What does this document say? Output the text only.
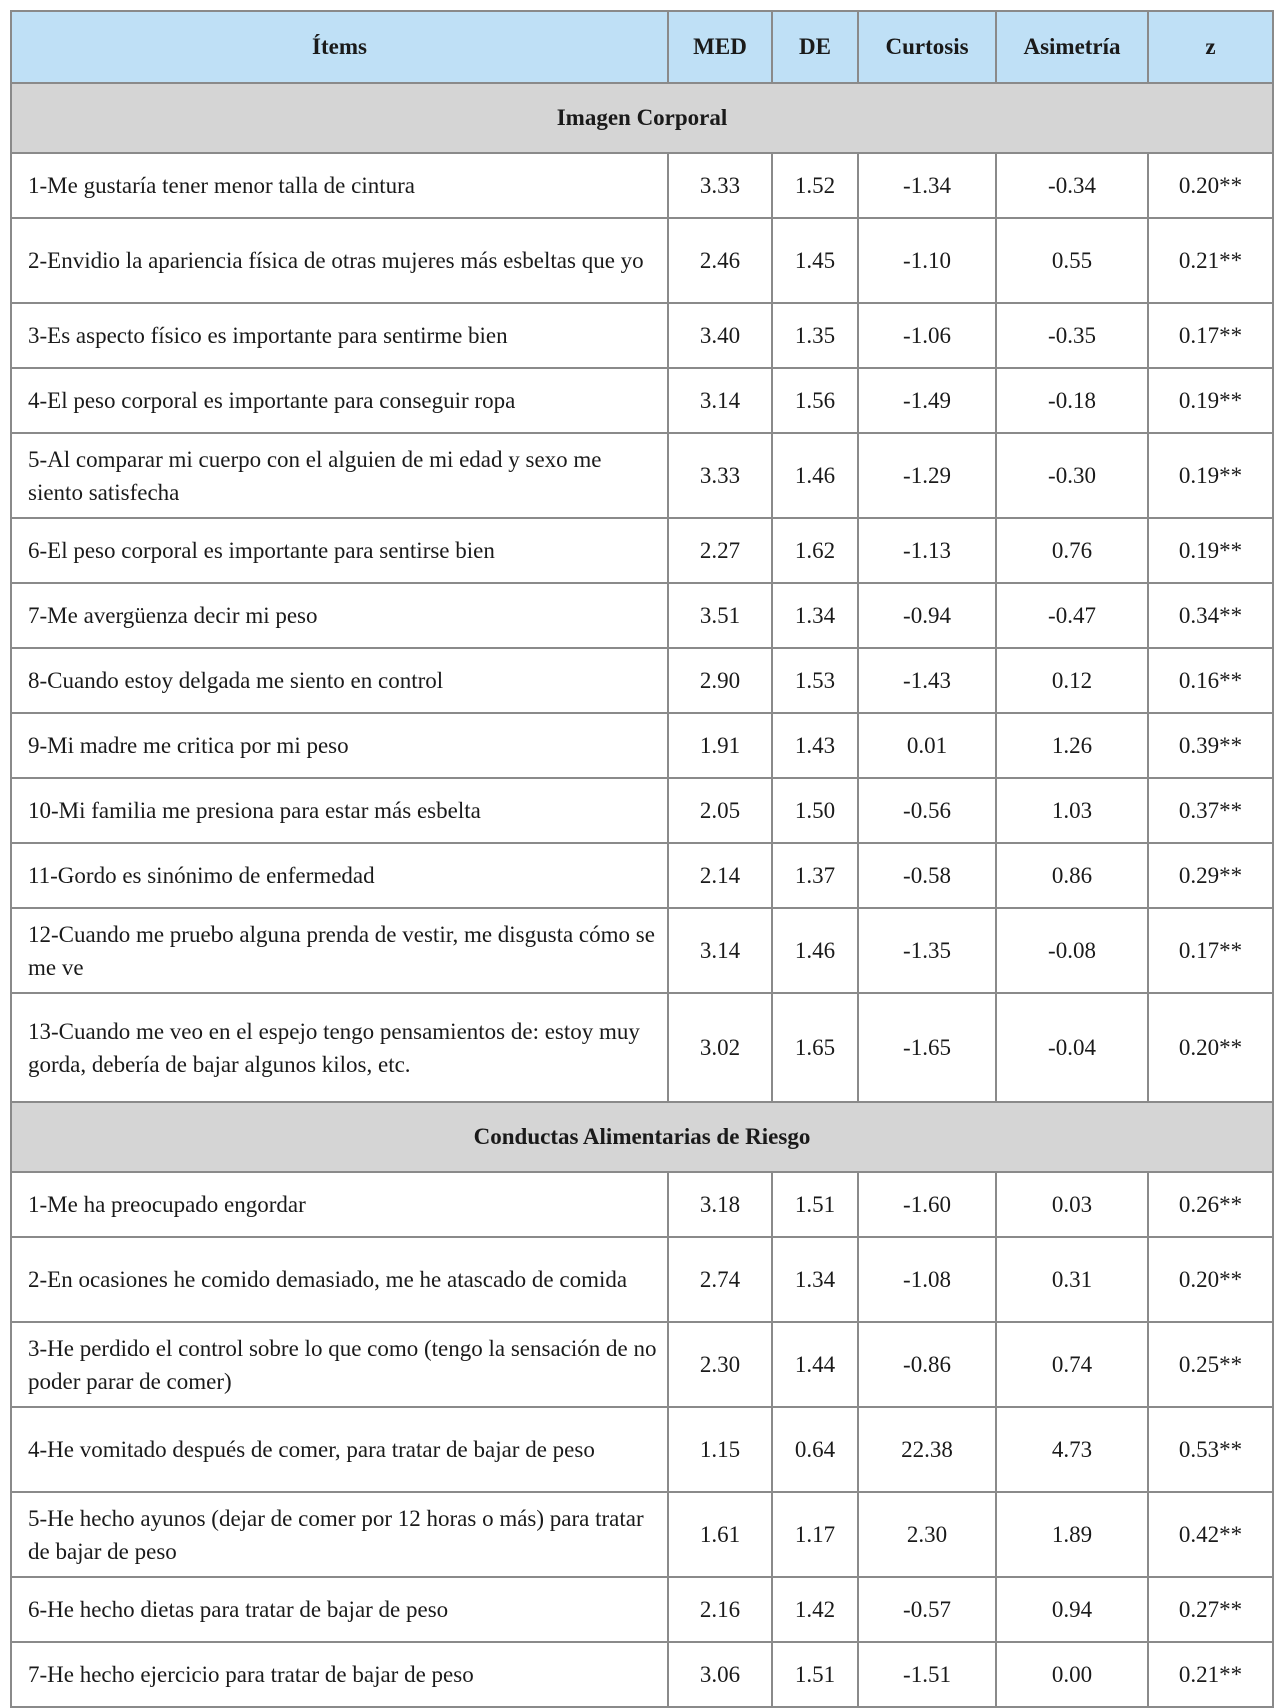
Ítems	MED	DE	Curtosis	Asimetría	z
Imagen Corporal					
1-Me gustaría tener menor talla de cintura	3.33	1.52	-1.34	-0.34	0.20**
2-Envidio la apariencia física de otras mujeres más esbeltas que yo	2.46	1.45	-1.10	0.55	0.21**
3-Es aspecto físico es importante para sentirme bien	3.40	1.35	-1.06	-0.35	0.17**
4-El peso corporal es importante para conseguir ropa	3.14	1.56	-1.49	-0.18	0.19**
5-Al comparar mi cuerpo con el alguien de mi edad y sexo me siento satisfecha	3.33	1.46	-1.29	-0.30	0.19**
6-El peso corporal es importante para sentirse bien	2.27	1.62	-1.13	0.76	0.19**
7-Me avergüenza decir mi peso	3.51	1.34	-0.94	-0.47	0.34**
8-Cuando estoy delgada me siento en control	2.90	1.53	-1.43	0.12	0.16**
9-Mi madre me critica por mi peso	1.91	1.43	0.01	1.26	0.39**
10-Mi familia me presiona para estar más esbelta	2.05	1.50	-0.56	1.03	0.37**
11-Gordo es sinónimo de enfermedad	2.14	1.37	-0.58	0.86	0.29**
12-Cuando me pruebo alguna prenda de vestir, me disgusta cómo se me ve	3.14	1.46	-1.35	-0.08	0.17**
13-Cuando me veo en el espejo tengo pensamientos de: estoy muy gorda, debería de bajar algunos kilos, etc.	3.02	1.65	-1.65	-0.04	0.20**
Conductas Alimentarias de Riesgo					
1-Me ha preocupado engordar	3.18	1.51	-1.60	0.03	0.26**
2-En ocasiones he comido demasiado, me he atascado de comida	2.74	1.34	-1.08	0.31	0.20**
3-He perdido el control sobre lo que como (tengo la sensación de no poder parar de comer)	2.30	1.44	-0.86	0.74	0.25**
4-He vomitado después de comer, para tratar de bajar de peso	1.15	0.64	22.38	4.73	0.53**
5-He hecho ayunos (dejar de comer por 12 horas o más) para tratar de bajar de peso	1.61	1.17	2.30	1.89	0.42**
6-He hecho dietas para tratar de bajar de peso	2.16	1.42	-0.57	0.94	0.27**
7-He hecho ejercicio para tratar de bajar de peso	3.06	1.51	-1.51	0.00	0.21**
